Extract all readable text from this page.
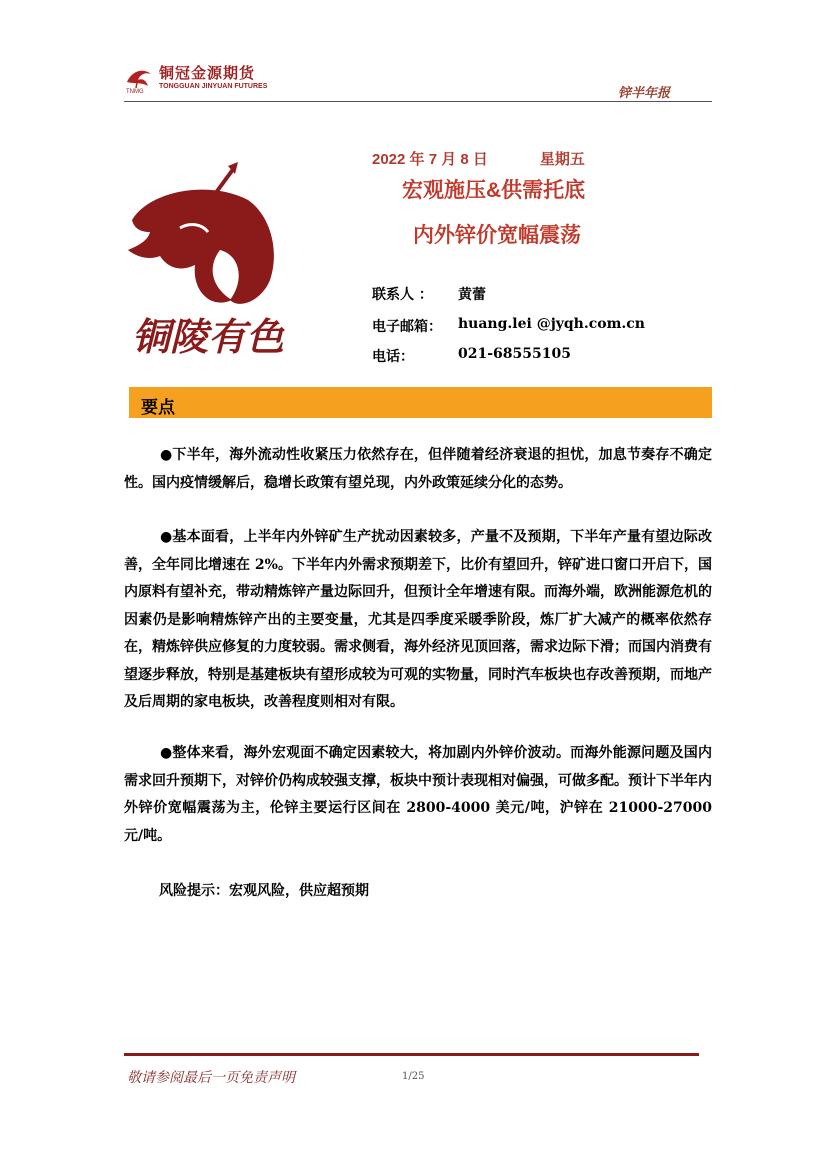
铜冠金源期货
TONGGUAN JINYUAN FUTURES
TNMG	锌半年报
铜陵有色
2022 年 7 月 8 日	星期五
宏观施压&供需托底
内外锌价宽幅震荡
联系人 ： 黄蕾
电子邮箱： huang.lei @jyqh.com.cn
电话：	021-68555105
要点
●下半年，海外流动性收紧压力依然存在，但伴随着经济衰退的担忧，加息节奏存不确定性。国内疫情缓解后，稳增长政策有望兑现，内外政策延续分化的态势。
●基本面看，上半年内外锌矿生产扰动因素较多，产量不及预期，下半年产量有望边际改善，全年同比增速在 2%。下半年内外需求预期差下，比价有望回升，锌矿进口窗口开启下，国内原料有望补充，带动精炼锌产量边际回升，但预计全年增速有限。而海外端，欧洲能源危机的因素仍是影响精炼锌产出的主要变量，尤其是四季度采暖季阶段，炼厂扩大减产的概率依然存在，精炼锌供应修复的力度较弱。需求侧看，海外经济见顶回落，需求边际下滑；而国内消费有望逐步释放，特别是基建板块有望形成较为可观的实物量，同时汽车板块也存改善预期，而地产及后周期的家电板块，改善程度则相对有限。
●整体来看，海外宏观面不确定因素较大，将加剧内外锌价波动。而海外能源问题及国内需求回升预期下，对锌价仍构成较强支撑，板块中预计表现相对偏强，可做多配。预计下半年内外锌价宽幅震荡为主，伦锌主要运行区间在 2800-4000 美元/吨，沪锌在 21000-27000 元/吨。
风险提示：宏观风险，供应超预期
敬请参阅最后一页免责声明	1/25
